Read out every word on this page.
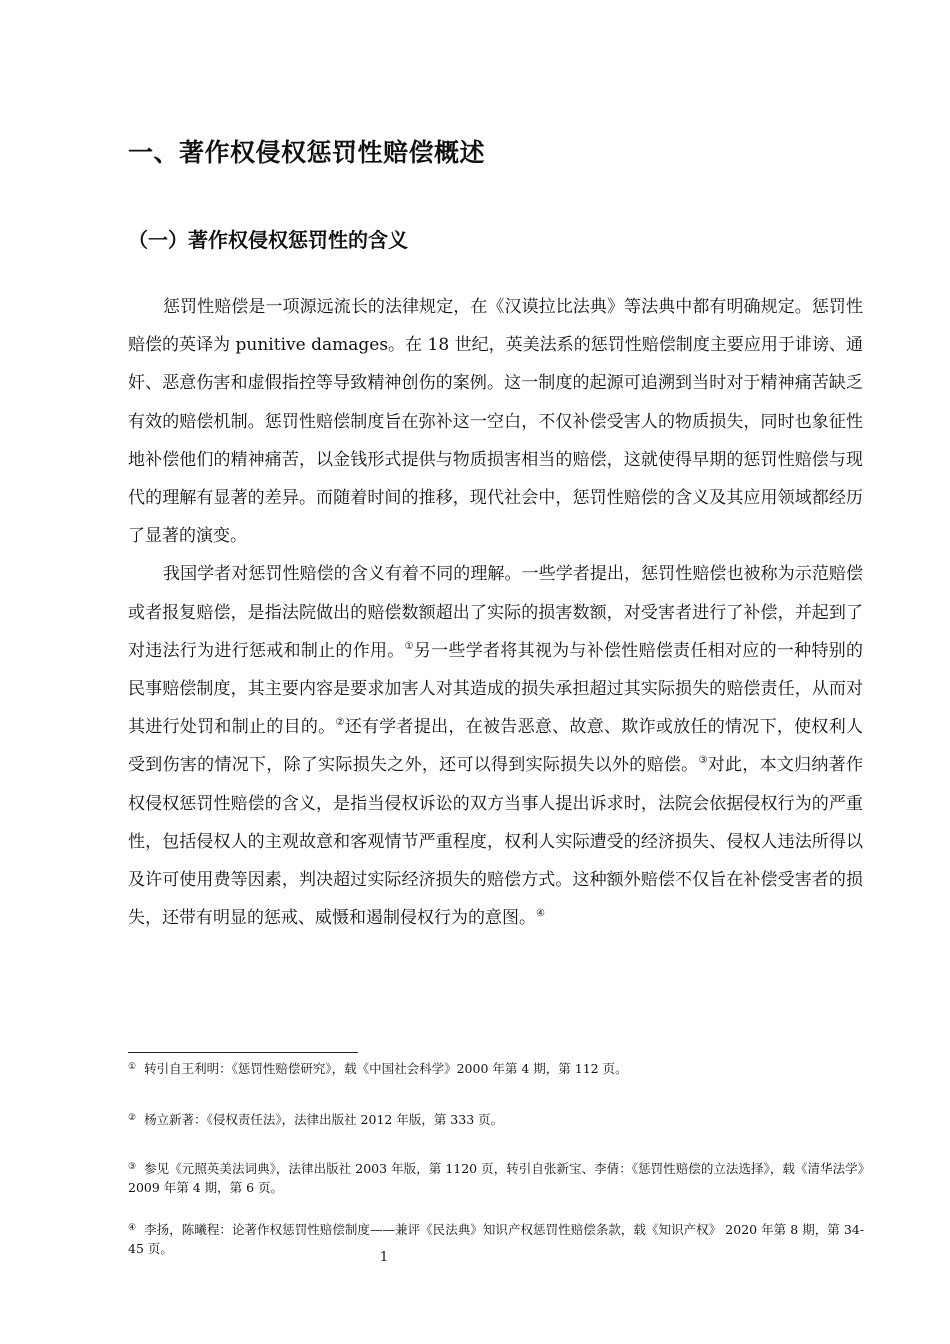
一、著作权侵权惩罚性赔偿概述
（一）著作权侵权惩罚性的含义

惩罚性赔偿是一项源远流长的法律规定，在《汉谟拉比法典》等法典中都有明确规定。惩罚性赔偿的英译为 punitive damages。在 18 世纪，英美法系的惩罚性赔偿制度主要应用于诽谤、通奸、恶意伤害和虚假指控等导致精神创伤的案例。这一制度的起源可追溯到当时对于精神痛苦缺乏有效的赔偿机制。惩罚性赔偿制度旨在弥补这一空白，不仅补偿受害人的物质损失，同时也象征性地补偿他们的精神痛苦，以金钱形式提供与物质损害相当的赔偿，这就使得早期的惩罚性赔偿与现代的理解有显著的差异。而随着时间的推移，现代社会中，惩罚性赔偿的含义及其应用领域都经历了显著的演变。

我国学者对惩罚性赔偿的含义有着不同的理解。一些学者提出，惩罚性赔偿也被称为示范赔偿或者报复赔偿，是指法院做出的赔偿数额超出了实际的损害数额，对受害者进行了补偿，并起到了对违法行为进行惩戒和制止的作用。①另一些学者将其视为与补偿性赔偿责任相对应的一种特别的民事赔偿制度，其主要内容是要求加害人对其造成的损失承担超过其实际损失的赔偿责任，从而对其进行处罚和制止的目的。②还有学者提出，在被告恶意、故意、欺诈或放任的情况下，使权利人受到伤害的情况下，除了实际损失之外，还可以得到实际损失以外的赔偿。③对此，本文归纳著作权侵权惩罚性赔偿的含义，是指当侵权诉讼的双方当事人提出诉求时，法院会依据侵权行为的严重性，包括侵权人的主观故意和客观情节严重程度，权利人实际遭受的经济损失、侵权人违法所得以及许可使用费等因素，判决超过实际经济损失的赔偿方式。这种额外赔偿不仅旨在补偿受害者的损失，还带有明显的惩戒、威慑和遏制侵权行为的意图。④

① 转引自王利明：《惩罚性赔偿研究》，载《中国社会科学》2000 年第 4 期，第 112 页。

② 杨立新著：《侵权责任法》，法律出版社 2012 年版，第 333 页。

③ 参见《元照英美法词典》，法律出版社 2003 年版，第 1120 页，转引自张新宝、李倩：《惩罚性赔偿的立法选择》，载《清华法学》2009 年第 4 期，第 6 页。

④ 李扬，陈曦程：论著作权惩罚性赔偿制度——兼评《民法典》知识产权惩罚性赔偿条款，载《知识产权》 2020 年第 8 期，第 34-45 页。

1
